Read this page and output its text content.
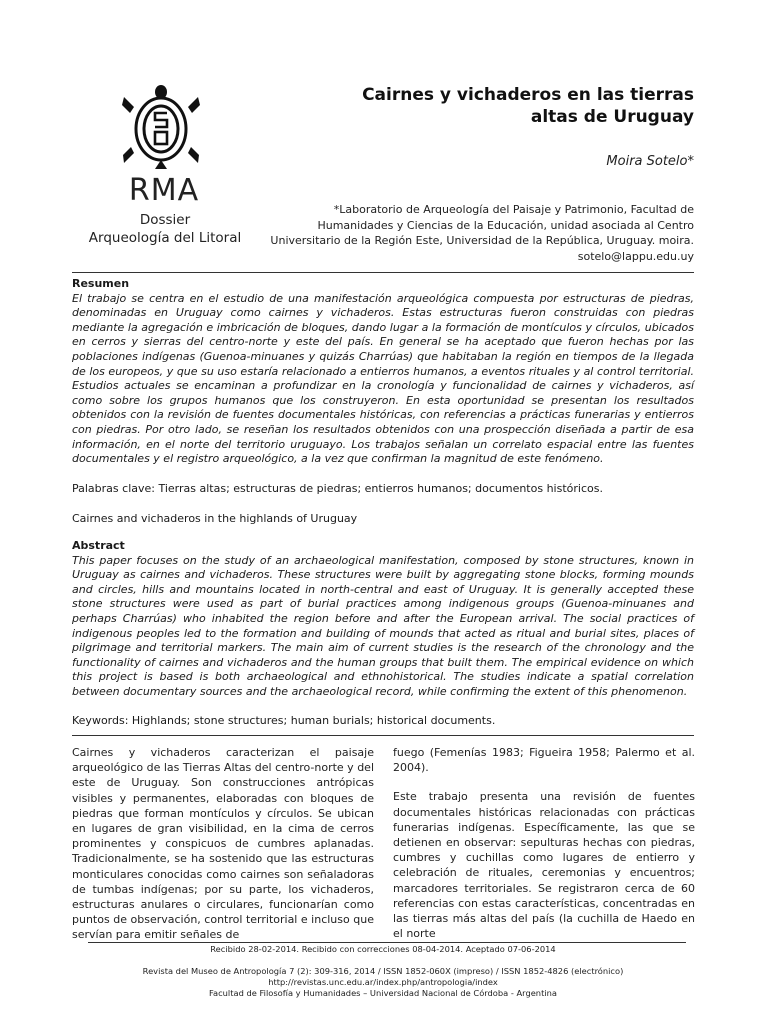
RMA
Dossier
Arqueología del Litoral
Cairnes y vichaderos en las tierras
altas de Uruguay
Moira Sotelo*
*Laboratorio de Arqueología del Paisaje y Patrimonio, Facultad de
Humanidades y Ciencias de la Educación, unidad asociada al Centro
Universitario de la Región Este, Universidad de la República, Uruguay. moira.
sotelo@lappu.edu.uy

Resumen

El trabajo se centra en el estudio de una manifestación arqueológica compuesta por estructuras de piedras, denominadas en Uruguay como cairnes y vichaderos. Estas estructuras fueron construidas con piedras mediante la agregación e imbricación de bloques, dando lugar a la formación de montículos y círculos, ubicados en cerros y sierras del centro-norte y este del país. En general se ha aceptado que fueron hechas por las poblaciones indígenas (Guenoa-minuanes y quizás Charrúas) que habitaban la región en tiempos de la llegada de los europeos, y que su uso estaría relacionado a entierros humanos, a eventos rituales y al control territorial. Estudios actuales se encaminan a profundizar en la cronología y funcionalidad de cairnes y vichaderos, así como sobre los grupos humanos que los construyeron. En esta oportunidad se presentan los resultados obtenidos con la revisión de fuentes documentales históricas, con referencias a prácticas funerarias y entierros con piedras. Por otro lado, se reseñan los resultados obtenidos con una prospección diseñada a partir de esa información, en el norte del territorio uruguayo. Los trabajos señalan un correlato espacial entre las fuentes documentales y el registro arqueológico, a la vez que confirman la magnitud de este fenómeno.

Palabras clave: Tierras altas; estructuras de piedras; entierros humanos; documentos históricos.

Cairnes and vichaderos in the highlands of Uruguay

Abstract

This paper focuses on the study of an archaeological manifestation, composed by stone structures, known in Uruguay as cairnes and vichaderos. These structures were built by aggregating stone blocks, forming mounds and circles, hills and mountains located in north-central and east of Uruguay. It is generally accepted these stone structures were used as part of burial practices among indigenous groups (Guenoa-minuanes and perhaps Charrúas) who inhabited the region before and after the European arrival. The social practices of indigenous peoples led to the formation and building of mounds that acted as ritual and burial sites, places of pilgrimage and territorial markers. The main aim of current studies is the research of the chronology and the functionality of cairnes and vichaderos and the human groups that built them. The empirical evidence on which this project is based is both archaeological and ethnohistorical. The studies indicate a spatial correlation between documentary sources and the archaeological record, while confirming the extent of this phenomenon.

Keywords: Highlands; stone structures; human burials; historical documents.

Cairnes y vichaderos caracterizan el paisaje arqueológico de las Tierras Altas del centro-norte y del este de Uruguay. Son construcciones antrópicas visibles y permanentes, elaboradas con bloques de piedras que forman montículos y círculos. Se ubican en lugares de gran visibilidad, en la cima de cerros prominentes y conspicuos de cumbres aplanadas. Tradicionalmente, se ha sostenido que las estructuras monticulares conocidas como cairnes son señaladoras de tumbas indígenas; por su parte, los vichaderos, estructuras anulares o circulares, funcionarían como puntos de observación, control territorial e incluso que servían para emitir señales de

fuego (Femenías 1983; Figueira 1958; Palermo et al. 2004).

Este trabajo presenta una revisión de fuentes documentales históricas relacionadas con prácticas funerarias indígenas. Específicamente, las que se detienen en observar: sepulturas hechas con piedras, cumbres y cuchillas como lugares de entierro y celebración de rituales, ceremonias y encuentros; marcadores territoriales. Se registraron cerca de 60 referencias con estas características, concentradas en las tierras más altas del país (la cuchilla de Haedo en el norte

Recibido 28-02-2014. Recibido con correcciones 08-04-2014. Aceptado 07-06-2014
Revista del Museo de Antropología 7 (2): 309-316, 2014 / ISSN 1852-060X (impreso) / ISSN 1852-4826 (electrónico)
http://revistas.unc.edu.ar/index.php/antropologia/index
Facultad de Filosofía y Humanidades – Universidad Nacional de Córdoba - Argentina
